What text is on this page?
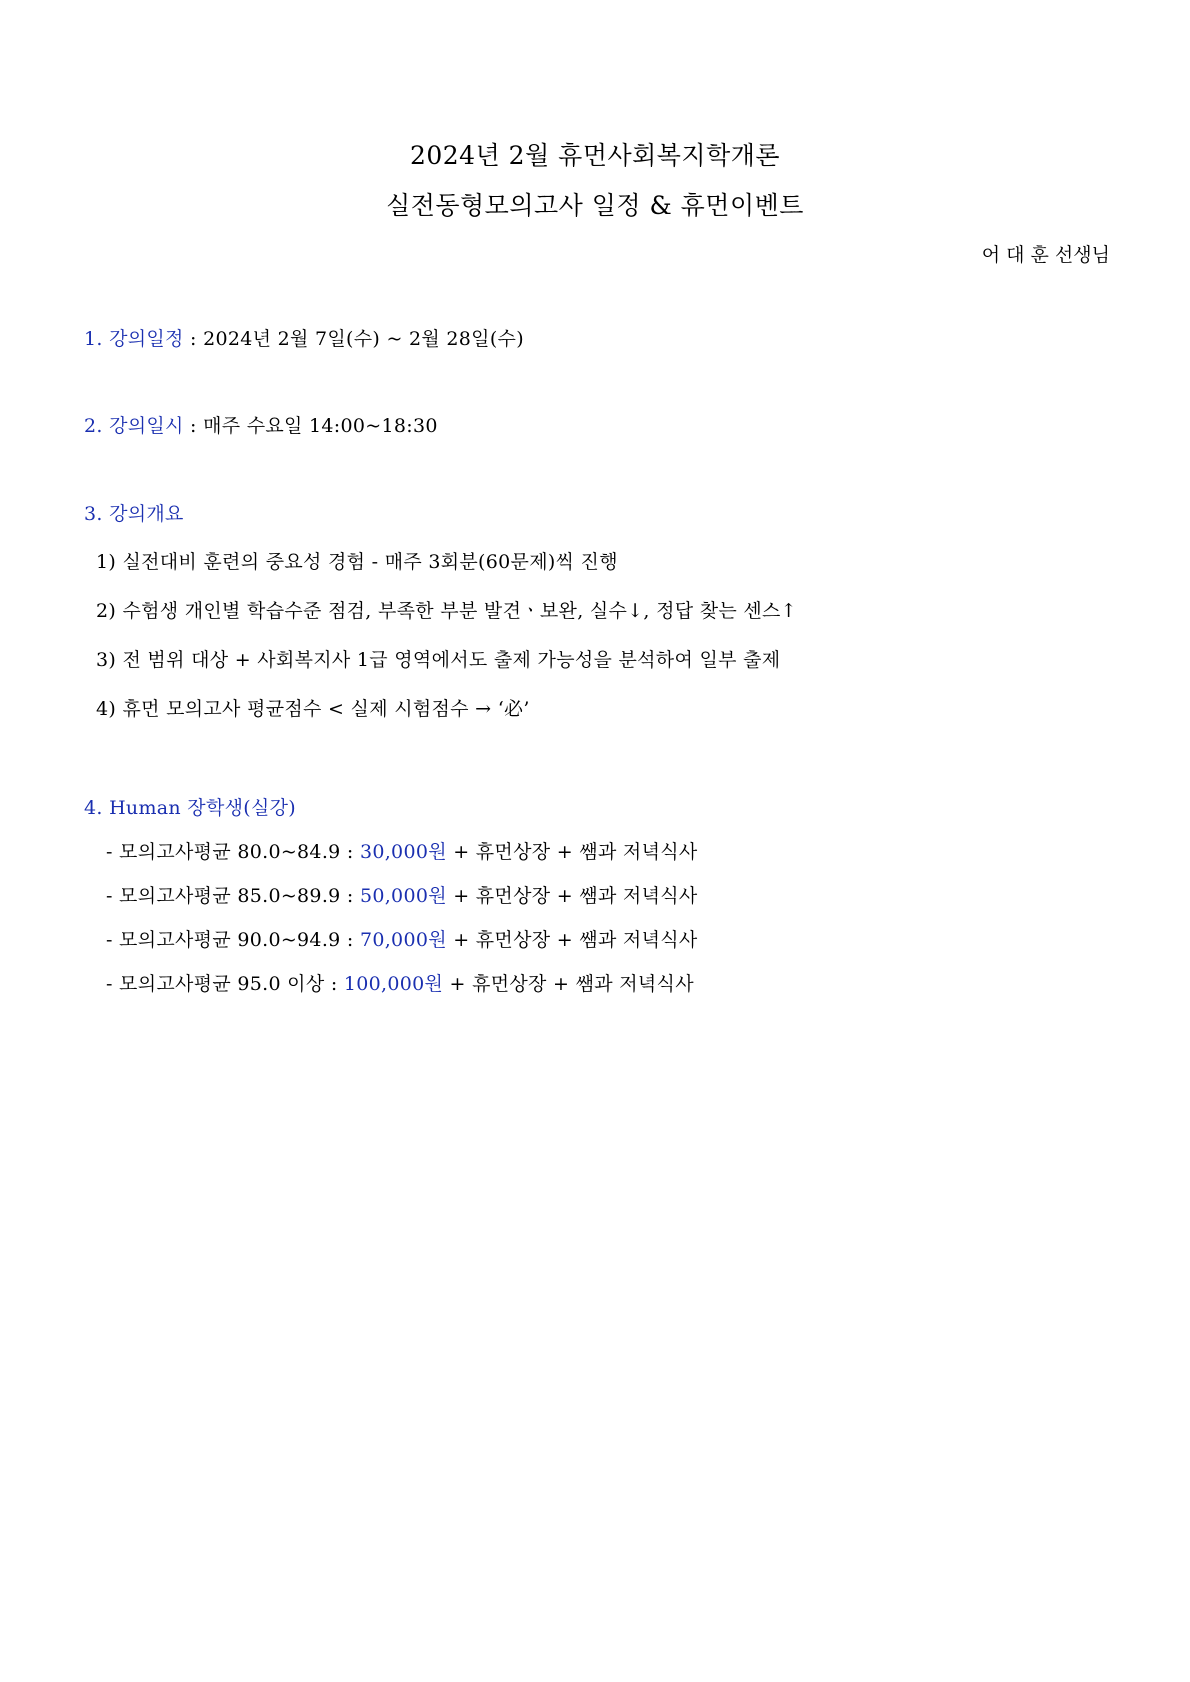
2024년 2월 휴먼사회복지학개론
실전동형모의고사 일정 & 휴먼이벤트
어 대 훈 선생님
1. 강의일정 : 2024년 2월 7일(수) ~ 2월 28일(수)
2. 강의일시 : 매주 수요일 14:00~18:30
3. 강의개요
1) 실전대비 훈련의 중요성 경험 - 매주 3회분(60문제)씩 진행
2) 수험생 개인별 학습수준 점검, 부족한 부분 발견ㆍ보완, 실수↓, 정답 찾는 센스↑
3) 전 범위 대상 + 사회복지사 1급 영역에서도 출제 가능성을 분석하여 일부 출제
4) 휴먼 모의고사 평균점수 < 실제 시험점수 → ‘必’
4. Human 장학생(실강)
- 모의고사평균 80.0~84.9 : 30,000원 + 휴먼상장 + 쌤과 저녁식사
- 모의고사평균 85.0~89.9 : 50,000원 + 휴먼상장 + 쌤과 저녁식사
- 모의고사평균 90.0~94.9 : 70,000원 + 휴먼상장 + 쌤과 저녁식사
- 모의고사평균 95.0 이상 : 100,000원 + 휴먼상장 + 쌤과 저녁식사
